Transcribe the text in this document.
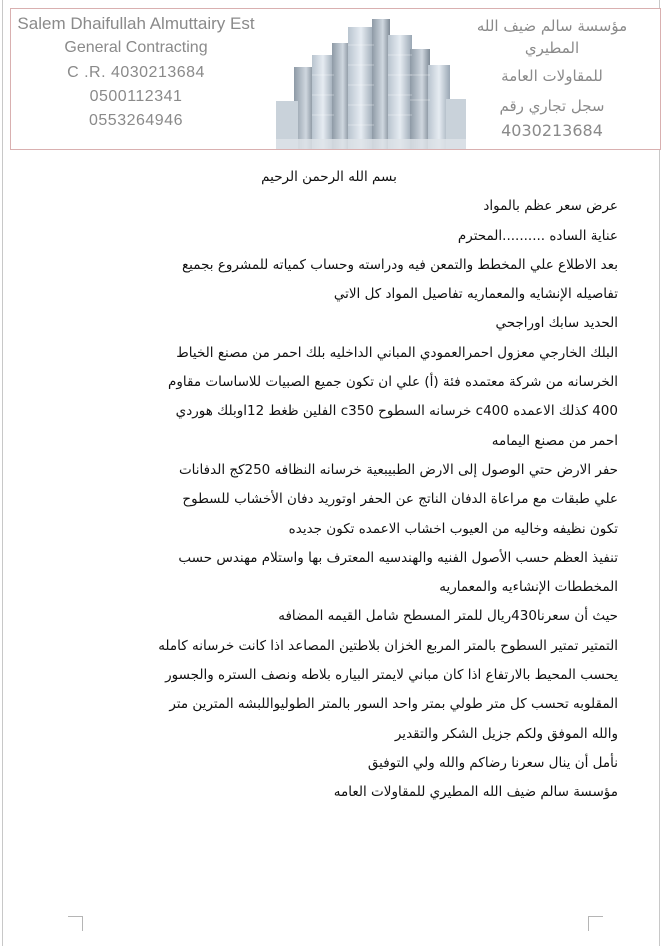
Salem Dhaifullah Almuttairy Est
General Contracting
C .R. 4030213684
0500112341
0553264946
مؤسسة سالم ضيف الله المطيري
للمقاولات العامة
سجل تجاري رقم
4030213684

بسم الله الرحمن الرحيم

عرض سعر عظم بالمواد

عناية الساده ..........المحترم

بعد الاطلاع علي المخطط والتمعن فيه ودراسته وحساب كمياته للمشروع بجميع

تفاصيله الإنشايه والمعماريه تفاصيل المواد كل الاتي

الحديد سابك اوراجحي

البلك الخارجي معزول احمرالعمودي المباني الداخليه بلك احمر من مصنع الخياط

الخرسانه من شركة معتمده فئة (أ) علي ان تكون جميع الصبيات للاساسات مقاوم

400 كذلك الاعمده c400 خرسانه السطوح c350 الفلين ظغط 12اوبلك هوردي

احمر من مصنع اليمامه

حفر الارض حتي الوصول إلى الارض الطبيبعية خرسانه النظافه 250كج الدفانات

علي طبقات مع مراعاة الدفان الناتج عن الحفر اوتوريد دفان الأخشاب للسطوح

تكون نظيفه وخاليه من العيوب اخشاب الاعمده تكون جديده

تنفيذ العظم حسب الأصول الفنيه والهندسيه المعترف بها واستلام مهندس حسب

المخططات الإنشاءيه والمعماريه

حيث أن سعرنا430ريال للمتر المسطح شامل القيمه المضافه

التمتير تمتير السطوح بالمتر المربع الخزان بلاطتين المصاعد اذا كانت خرسانه كامله

يحسب المحيط بالارتفاع اذا كان مباني لايمتر البياره بلاطه ونصف الستره والجسور

المقلوبه تحسب كل متر طولي بمتر واحد السور بالمتر الطوليواللبشه المترين متر

والله الموفق ولكم جزيل الشكر والتقدير

نأمل أن ينال سعرنا رضاكم والله ولي التوفيق

مؤسسة سالم ضيف الله المطيري للمقاولات العامه
